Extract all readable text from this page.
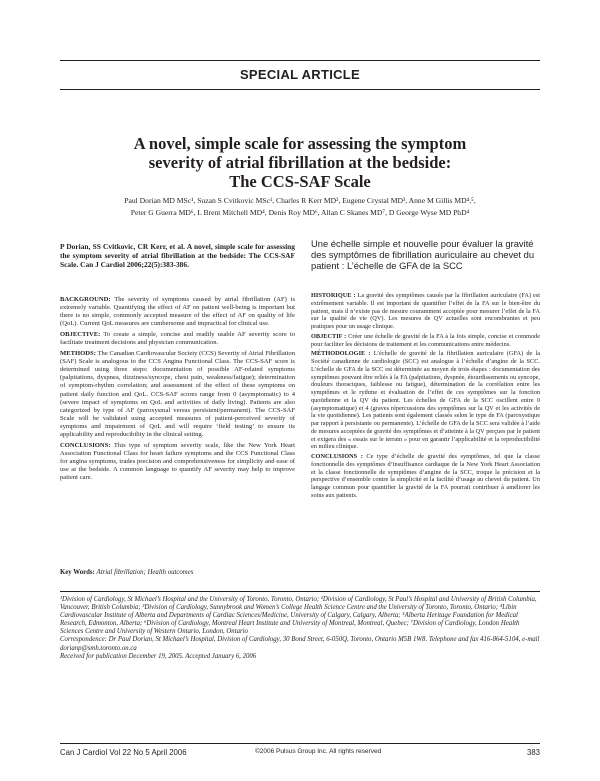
SPECIAL ARTICLE
A novel, simple scale for assessing the symptom
severity of atrial fibrillation at the bedside:
The CCS-SAF Scale
Paul Dorian MD MSc¹, Suzan S Cvitkovic MSc¹, Charles R Kerr MD², Eugene Crystal MD³, Anne M Gillis MD⁴,⁵,
Peter G Guerra MD⁶, L Brent Mitchell MD⁴, Denis Roy MD⁶, Allan C Skanes MD⁷, D George Wyse MD PhD⁴
P Dorian, SS Cvitkovic, CR Kerr, et al. A novel, simple scale for assessing the symptom severity of atrial fibrillation at the bedside: The CCS-SAF Scale. Can J Cardiol 2006;22(5):383-386.

BACKGROUND: The severity of symptoms caused by atrial fibrillation (AF) is extremely variable. Quantifying the effect of AF on patient well-being is important but there is no simple, commonly accepted measure of the effect of AF on quality of life (QoL). Current QoL measures are cumbersome and impractical for clinical use.

OBJECTIVE: To create a simple, concise and readily usable AF severity score to facilitate treatment decisions and physician communication.

METHODS: The Canadian Cardiovascular Society (CCS) Severity of Atrial Fibrillation (SAF) Scale is analogous to the CCS Angina Functional Class. The CCS-SAF score is determined using three steps: documentation of possible AF-related symptoms (palpitations, dyspnea, dizziness/syncope, chest pain, weakness/fatigue); determination of symptom-rhythm correlation; and assessment of the effect of these symptoms on patient daily function and QoL. CCS-SAF scores range from 0 (asymptomatic) to 4 (severe impact of symptoms on QoL and activities of daily living). Patients are also categorized by type of AF (paroxysmal versus persistent/permanent). The CCS-SAF Scale will be validated using accepted measures of patient-perceived severity of symptoms and impairment of QoL and will require ‘field testing’ to ensure its applicability and reproducibility in the clinical setting.

CONCLUSIONS: This type of symptom severity scale, like the New York Heart Association Functional Class for heart failure symptoms and the CCS Functional Class for angina symptoms, trades precision and comprehensiveness for simplicity and ease of use at the bedside. A common language to quantify AF severity may help to improve patient care.

Key Words: Atrial fibrillation; Health outcomes
Une échelle simple et nouvelle pour évaluer la gravité des symptômes de fibrillation auriculaire au chevet du patient : L’échelle de GFA de la SCC

HISTORIQUE : La gravité des symptômes causés par la fibrillation auriculaire (FA) est extrêmement variable. Il est important de quantifier l’effet de la FA sur le bien-être du patient, mais il n’existe pas de mesure couramment acceptée pour mesurer l’effet de la FA sur la qualité de vie (QV). Les mesures de QV actuelles sont encombrantes et peu pratiques pour un usage clinique.

OBJECTIF : Créer une échelle de gravité de la FA à la fois simple, concise et commode pour faciliter les décisions de traitement et les communications entre médecins.

MÉTHODOLOGIE : L’échelle de gravité de la fibrillation auriculaire (GFA) de la Société canadienne de cardiologie (SCC) est analogue à l’échelle d’angine de la SCC. L’échelle de GFA de la SCC est déterminée au moyen de trois étapes : documentation des symptômes pouvant être reliés à la FA (palpitations, dyspnée, étourdissements ou syncope, douleurs thoraciques, faiblesse ou fatigue), détermination de la corrélation entre les symptômes et le rythme et évaluation de l’effet de ces symptômes sur la fonction quotidienne et la QV du patient. Les échelles de GFA de la SCC oscillent entre 0 (asymptomatique) et 4 (graves répercussions des symptômes sur la QV et les activités de la vie quotidienne). Les patients sont également classés selon le type de FA (paroxystique par rapport à persistante ou permanente). L’échelle de GFA de la SCC sera validée à l’aide de mesures acceptées de gravité des symptômes et d’atteinte à la QV perçues par le patient et exigera des « essais sur le terrain » pour en garantir l’applicabilité et la reproductibilité en milieu clinique.

CONCLUSIONS : Ce type d’échelle de gravité des symptômes, tel que la classe fonctionnelle des symptômes d’insuffisance cardiaque de la New York Heart Association et la classe fonctionnelle de symptômes d’angine de la SCC, troque la précision et la perspective d’ensemble contre la simplicité et la facilité d’usage au chevet du patient. Un langage commun pour quantifier la gravité de la FA pourrait contribuer à améliorer les soins aux patients.

¹Division of Cardiology, St Michael’s Hospital and the University of Toronto, Toronto, Ontario; ²Division of Cardiology, St Paul’s Hospital and University of British Columbia, Vancouver, British Columbia; ³Division of Cardiology, Sunnybrook and Women’s College Health Science Centre and the University of Toronto, Toronto, Ontario; ⁴Libin Cardiovascular Institute of Alberta and Departments of Cardiac Sciences/Medicine, University of Calgary, Calgary, Alberta; ⁵Alberta Heritage Foundation for Medical Research, Edmonton, Alberta; ⁶Division of Cardiology, Montreal Heart Institute and University of Montreal, Montreal, Quebec; ⁷Division of Cardiology, London Health Sciences Centre and University of Western Ontario, London, Ontario

Correspondence: Dr Paul Dorian, St Michael’s Hospital, Division of Cardiology, 30 Bond Street, 6-050Q, Toronto, Ontario M5B 1W8. Telephone and fax 416-864-5104, e-mail dorianp@smh.toronto.on.ca

Received for publication December 19, 2005. Accepted January 6, 2006

Can J Cardiol Vol 22 No 5 April 2006	©2006 Pulsus Group Inc. All rights reserved	383
